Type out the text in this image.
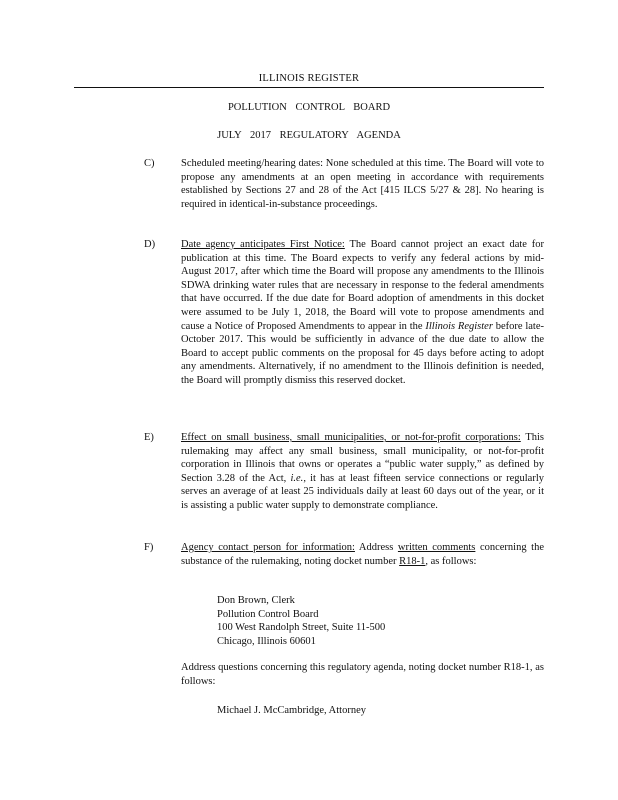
ILLINOIS REGISTER
POLLUTION CONTROL BOARD
JULY 2017 REGULATORY AGENDA
C)	Scheduled meeting/hearing dates: None scheduled at this time. The Board will vote to propose any amendments at an open meeting in accordance with requirements established by Sections 27 and 28 of the Act [415 ILCS 5/27 & 28]. No hearing is required in identical-in-substance proceedings.
D) Date agency anticipates First Notice: The Board cannot project an exact date for publication at this time. The Board expects to verify any federal actions by mid-August 2017, after which time the Board will propose any amendments to the Illinois SDWA drinking water rules that are necessary in response to the federal amendments that have occurred. If the due date for Board adoption of amendments in this docket were assumed to be July 1, 2018, the Board will vote to propose amendments and cause a Notice of Proposed Amendments to appear in the Illinois Register before late-October 2017. This would be sufficiently in advance of the due date to allow the Board to accept public comments on the proposal for 45 days before acting to adopt any amendments. Alternatively, if no amendment to the Illinois definition is needed, the Board will promptly dismiss this reserved docket.
E)	Effect on small business, small municipalities, or not-for-profit corporations: This rulemaking may affect any small business, small municipality, or not-for-profit corporation in Illinois that owns or operates a “public water supply,” as defined by Section 3.28 of the Act, i.e., it has at least fifteen service connections or regularly serves an average of at least 25 individuals daily at least 60 days out of the year, or it is assisting a public water supply to demonstrate compliance.
F)	Agency contact person for information: Address written comments concerning the substance of the rulemaking, noting docket number R18-1, as follows:
Don Brown, Clerk
Pollution Control Board
100 West Randolph Street, Suite 11-500
Chicago, Illinois 60601
Address questions concerning this regulatory agenda, noting docket number R18-1, as follows:
Michael J. McCambridge, Attorney
